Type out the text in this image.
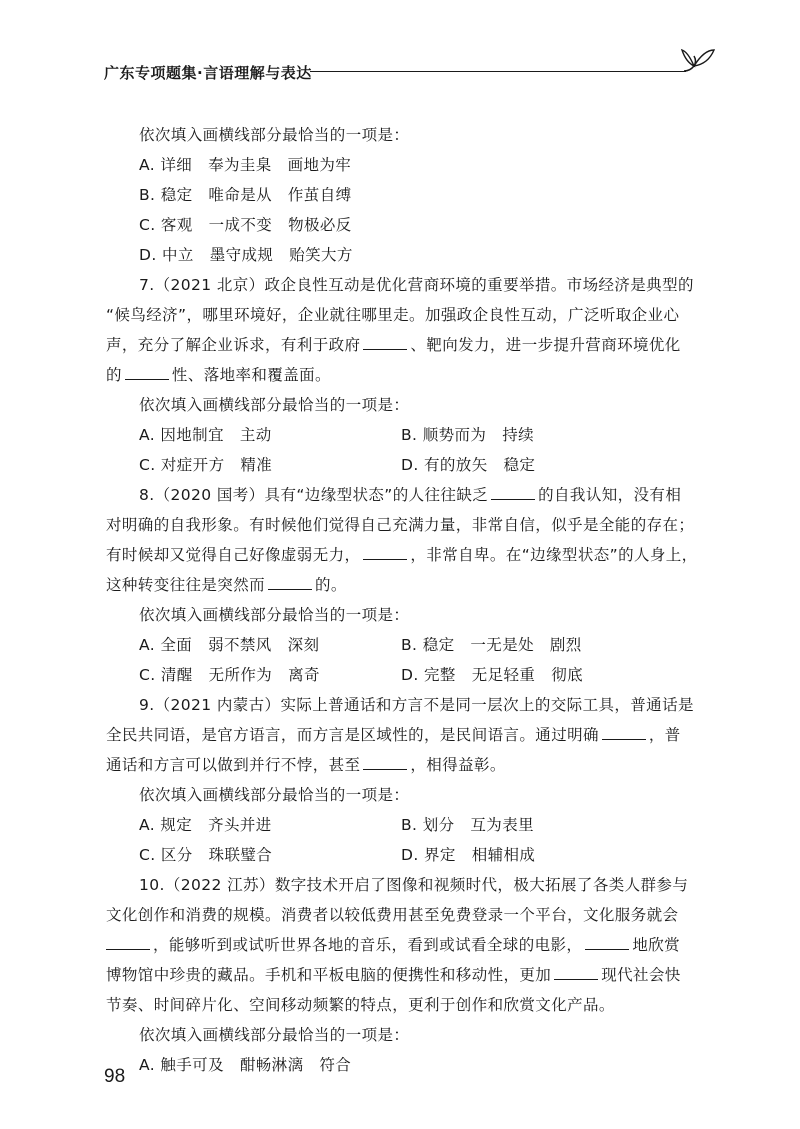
广东专项题集·言语理解与表达
依次填入画横线部分最恰当的一项是：
A. 详细　奉为圭臬　画地为牢
B. 稳定　唯命是从　作茧自缚
C. 客观　一成不变　物极必反
D. 中立　墨守成规　贻笑大方
7.（2021 北京）政企良性互动是优化营商环境的重要举措。市场经济是典型的
“候鸟经济”，哪里环境好，企业就往哪里走。加强政企良性互动，广泛听取企业心
声，充分了解企业诉求，有利于政府	、靶向发力，进一步提升营商环境优化
的	性、落地率和覆盖面。
依次填入画横线部分最恰当的一项是：
A. 因地制宜　主动	B. 顺势而为　持续
C. 对症开方　精准	D. 有的放矢　稳定
8.（2020 国考）具有“边缘型状态”的人往往缺乏	的自我认知，没有相
对明确的自我形象。有时候他们觉得自己充满力量，非常自信，似乎是全能的存在；
有时候却又觉得自己好像虚弱无力，	，非常自卑。在“边缘型状态”的人身上，
这种转变往往是突然而	的。
依次填入画横线部分最恰当的一项是：
A. 全面　弱不禁风　深刻	B. 稳定　一无是处　剧烈
C. 清醒　无所作为　离奇	D. 完整　无足轻重　彻底
9.（2021 内蒙古）实际上普通话和方言不是同一层次上的交际工具，普通话是
全民共同语，是官方语言，而方言是区域性的，是民间语言。通过明确	，普
通话和方言可以做到并行不悖，甚至	，相得益彰。
依次填入画横线部分最恰当的一项是：
A. 规定　齐头并进	B. 划分　互为表里
C. 区分　珠联璧合	D. 界定　相辅相成
10.（2022 江苏）数字技术开启了图像和视频时代，极大拓展了各类人群参与
文化创作和消费的规模。消费者以较低费用甚至免费登录一个平台，文化服务就会
，能够听到或试听世界各地的音乐，看到或试看全球的电影，	地欣赏
博物馆中珍贵的藏品。手机和平板电脑的便携性和移动性，更加	现代社会快
节奏、时间碎片化、空间移动频繁的特点，更利于创作和欣赏文化产品。
依次填入画横线部分最恰当的一项是：
A. 触手可及　酣畅淋漓　符合
98
